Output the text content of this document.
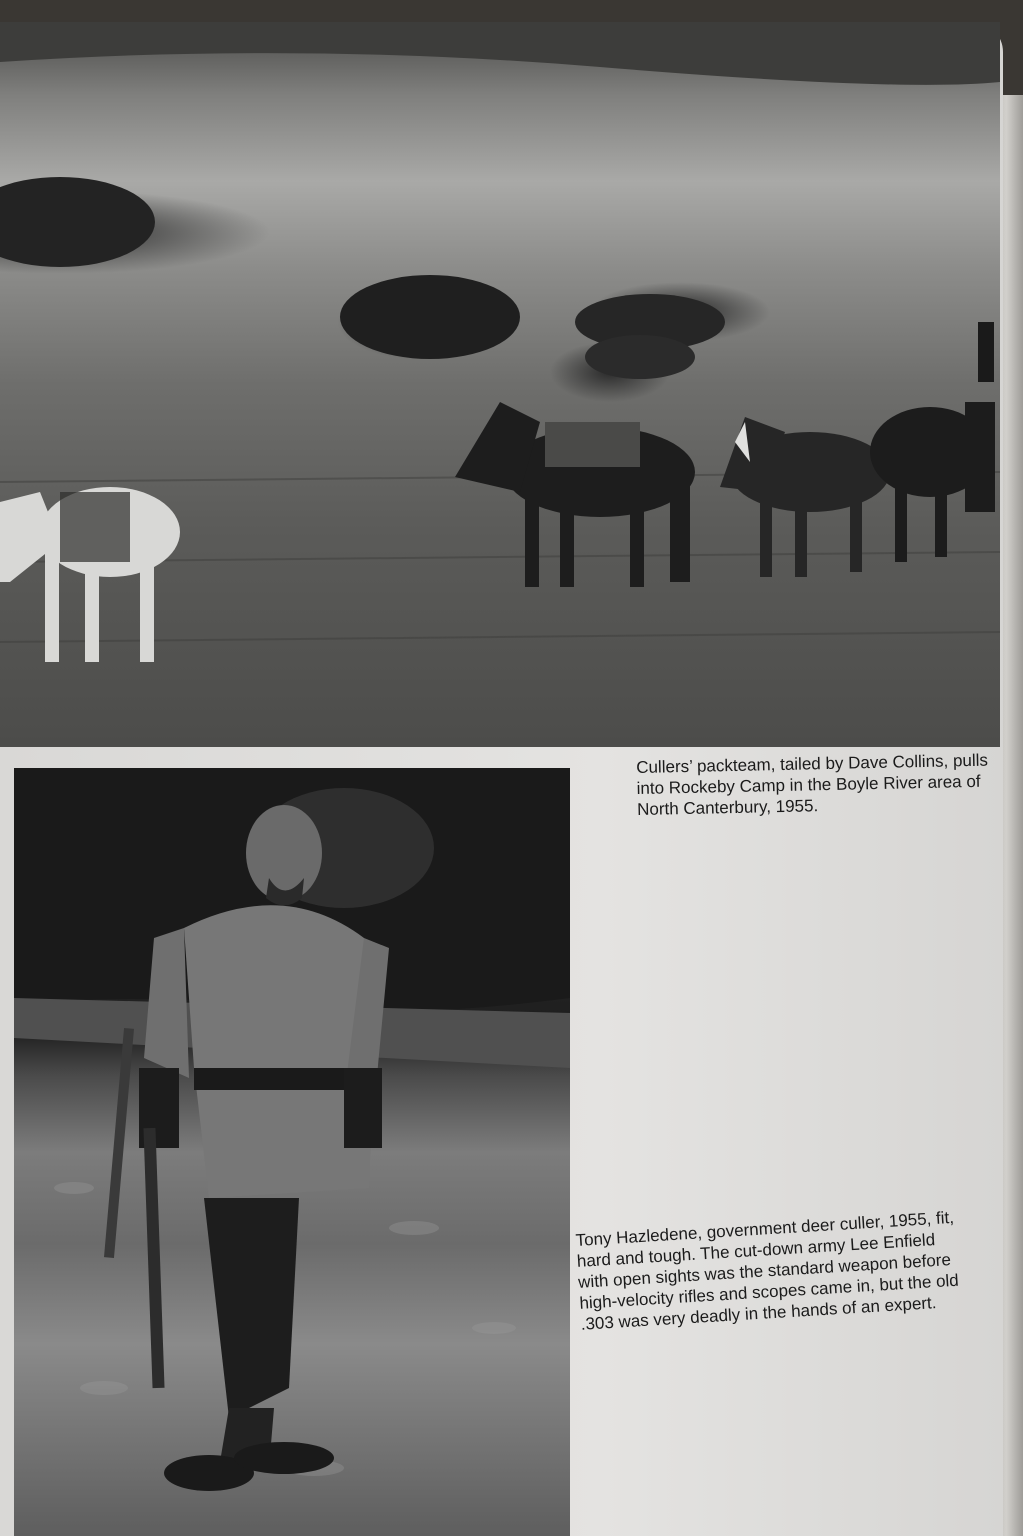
Cullers’ packteam, tailed by Dave Collins, pulls into Rockeby Camp in the Boyle River area of North Canterbury, 1955.

Tony Hazledene, government deer culler, 1955, fit, hard and tough. The cut-down army Lee Enfield with open sights was the standard weapon before high-velocity rifles and scopes came in, but the old .303 was very deadly in the hands of an expert.
